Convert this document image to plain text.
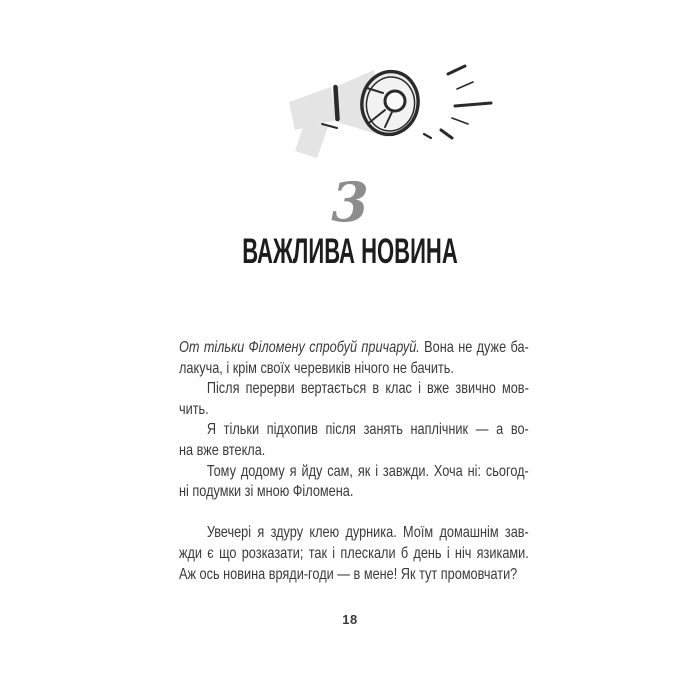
3
ВАЖЛИВА НОВИНА
От тільки Філомену спробуй причаруй. Вона не дуже ба-
лакуча, і крім своїх черевиків нічого не бачить.
Після перерви вертається в клас і вже звично мов-
чить.
Я тільки підхопив після занять наплічник — а во-
на вже втекла.
Тому додому я йду сам, як і завжди. Хоча ні: сьогод-
ні подумки зі мною Філомена.
Увечері я здуру клею дурника. Моїм домашнім зав-
жди є що розказати; так і плескали б день і ніч язиками.
Аж ось новина вряди-годи — в мене! Як тут промовчати?
18
